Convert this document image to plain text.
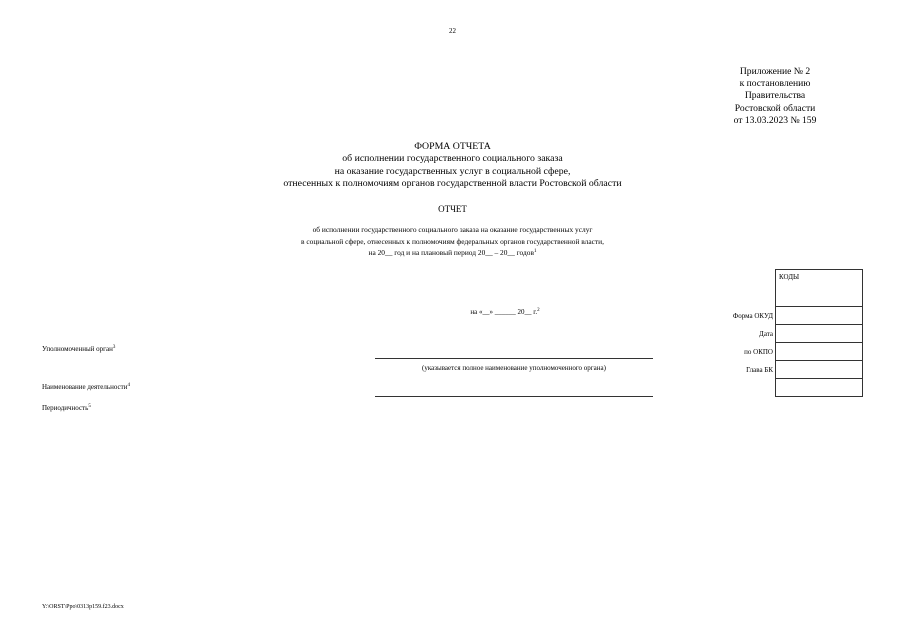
22
Приложение № 2
к постановлению
Правительства
Ростовской области
от 13.03.2023 № 159
ФОРМА ОТЧЕТА
об исполнении государственного социального заказа
на оказание государственных услуг в социальной сфере,
отнесенных к полномочиям органов государственной власти Ростовской области
ОТЧЕТ
об исполнении государственного социального заказа на оказание государственных услуг
в социальной сфере, отнесенных к полномочиям федеральных органов государственной власти,
на 20__ год и на плановый период 20__ – 20__ годов$^1$
на «__» ______ 20__ г.$^2$
	КОДЫ
Форма ОКУД	
Дата	
по ОКПО	
Глава БК	

Уполномоченный орган$^3$
(указывается полное наименование уполномоченного органа)
Наименование деятельности$^4$
Периодичность$^5$
Y:\ORST\Ppo\0313p159.f23.docx
